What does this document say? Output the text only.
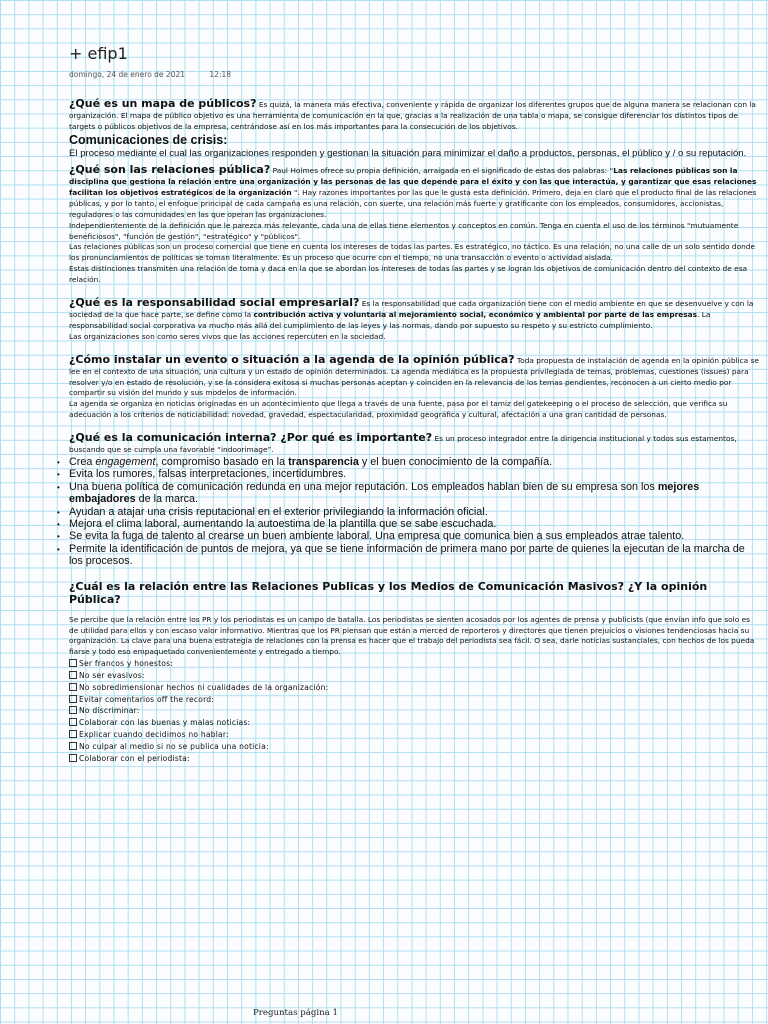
+ efip1
domingo, 24 de enero de 2021	12:18

¿Qué es un mapa de públicos? Es quizá, la manera más efectiva, conveniente y rápida de organizar los diferentes grupos que de alguna manera se relacionan con la organización. El mapa de público objetivo es una herramienta de comunicación en la que, gracias a la realización de una tabla o mapa, se consigue diferenciar los distintos tipos de targets o públicos objetivos de la empresa, centrándose así en los más importantes para la consecución de los objetivos.

Comunicaciones de crisis:
El proceso mediante el cual las organizaciones responden y gestionan la situación para minimizar el daño a productos, personas, el público y / o su reputación.

¿Qué son las relaciones pública? Paul Holmes ofrece su propia definición, arraigada en el significado de estas dos palabras: “Las relaciones públicas son la disciplina que gestiona la relación entre una organización y las personas de las que depende para el éxito y con las que interactúa, y garantizar que esas relaciones facilitan los objetivos estratégicos de la organización ". Hay razones importantes por las que le gusta esta definición. Primero, deja en claro que el producto final de las relaciones públicas, y por lo tanto, el enfoque principal de cada campaña es una relación, con suerte, una relación más fuerte y gratificante con los empleados, consumidores, accionistas, reguladores o las comunidades en las que operan las organizaciones.

Independientemente de la definición que le parezca más relevante, cada una de ellas tiene elementos y conceptos en común. Tenga en cuenta el uso de los términos "mutuamente beneficiosos", "función de gestión", "estratégico" y "públicos".

Las relaciones públicas son un proceso comercial que tiene en cuenta los intereses de todas las partes. Es estratégico, no táctico. Es una relación, no una calle de un solo sentido donde los pronunciamientos de políticas se toman literalmente. Es un proceso que ocurre con el tiempo, no una transacción o evento o actividad aislada.

Estas distinciones transmiten una relación de toma y daca en la que se abordan los intereses de todas las partes y se logran los objetivos de comunicación dentro del contexto de esa relación.

¿Qué es la responsabilidad social empresarial? Es la responsabilidad que cada organización tiene con el medio ambiente en que se desenvuelve y con la sociedad de la que hace parte, se define como la contribución activa y voluntaria al mejoramiento social, económico y ambiental por parte de las empresas. La responsabilidad social corporativa va mucho más allá del cumplimiento de las leyes y las normas, dando por supuesto su respeto y su estricto cumplimiento.

Las organizaciones son como seres vivos que las acciones repercuten en la sociedad.

¿Cómo instalar un evento o situación a la agenda de la opinión pública? Toda propuesta de instalación de agenda en la opinión pública se lee en el contexto de una situación, una cultura y un estado de opinión determinados. La agenda mediática es la propuesta privilegiada de temas, problemas, cuestiones (issues) para resolver y/o en estado de resolución, y se la considera exitosa si muchas personas aceptan y coinciden en la relevancia de los temas pendientes, reconocen a un cierto medio por compartir su visión del mundo y sus modelos de información.

La agenda se organiza en noticias originadas en un acontecimiento que llega a través de una fuente, pasa por el tamiz del gatekeeping o el proceso de selección, que verifica su adecuación a los criterios de noticiabilidad: novedad, gravedad, espectacularidad, proximidad geográfica y cultural, afectación a una gran cantidad de personas.

¿Qué es la comunicación interna? ¿Por qué es importante? Es un proceso integrador entre la dirigencia institucional y todos sus estamentos, buscando que se cumpla una favorable “indoorimage”.

• Crea engagement, compromiso basado en la transparencia y el buen conocimiento de la compañía.
• Evita los rumores, falsas interpretaciones, incertidumbres.
• Una buena política de comunicación redunda en una mejor reputación. Los empleados hablan bien de su empresa son los mejores embajadores de la marca.
• Ayudan a atajar una crisis reputacional en el exterior privilegiando la información oficial.
• Mejora el clima laboral, aumentando la autoestima de la plantilla que se sabe escuchada.
• Se evita la fuga de talento al crearse un buen ambiente laboral. Una empresa que comunica bien a sus empleados atrae talento.
• Permite la identificación de puntos de mejora, ya que se tiene información de primera mano por parte de quienes la ejecutan de la marcha de los procesos.
¿Cuál es la relación entre las Relaciones Publicas y los Medios de Comunicación Masivos? ¿Y la opinión Pública?
Se percibe que la relación entre los PR y los periodistas es un campo de batalla. Los periodistas se sienten acosados por los agentes de prensa y publicists (que envían info que solo es de utilidad para ellos y con escaso valor informativo. Mientras que los PR piensan que están a merced de reporteros y directores que tienen prejuicios o visiones tendenciosas hacia su organización. La clave para una buena estrategia de relaciones con la prensa es hacer que el trabajo del periodista sea fácil. O sea, darle noticias sustanciales, con hechos de los pueda fiarse y todo eso empaquetado convenientemente y entregado a tiempo.
Ser francos y honestos:
No ser evasivos:
No sobredimensionar hechos ni cualidades de la organización:
Evitar comentarios off the record:
No discriminar:
Colaborar con las buenas y malas noticias:
Explicar cuando decidimos no hablar:
No culpar al medio si no se publica una noticia:
Colaborar con el periodista:
Preguntas página 1
